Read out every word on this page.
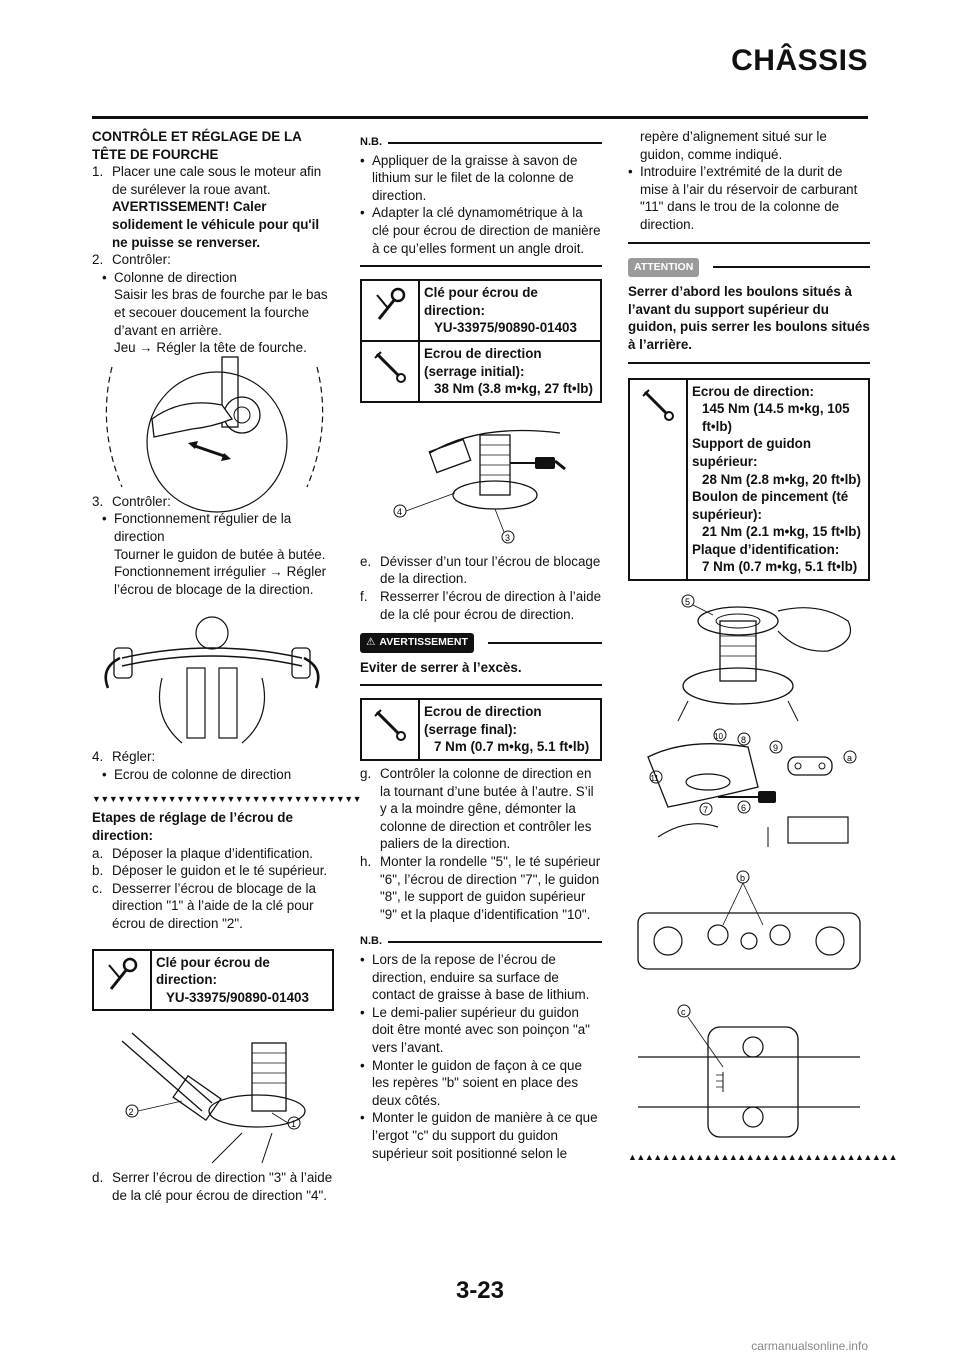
CHÂSSIS
CONTRÔLE ET RÉGLAGE DE LA TÊTE DE FOURCHE
1. Placer une cale sous le moteur afin de surélever la roue avant.
AVERTISSEMENT! Caler solidement le véhicule pour qu'il ne puisse se renverser.
2. Contrôler:
• Colonne de direction
Saisir les bras de fourche par le bas et secouer doucement la fourche d’avant en arrière.
Jeu → Régler la tête de fourche.
3. Contrôler:
• Fonctionnement régulier de la direction
Tourner le guidon de butée à butée.
Fonctionnement irrégulier → Régler l’écrou de blocage de la direction.
4. Régler:
• Ecrou de colonne de direction
▼▼▼▼▼▼▼▼▼▼▼▼▼▼▼▼▼▼▼▼▼▼▼▼▼▼▼▼▼▼▼▼
Etapes de réglage de l’écrou de direction:
a. Déposer la plaque d’identification.
b. Déposer le guidon et le té supérieur.
c. Desserrer l’écrou de blocage de la direction "1" à l’aide de la clé pour écrou de direction "2".
Clé pour écrou de direction:
YU-33975/90890-01403
2
1
d. Serrer l’écrou de direction "3" à l’aide de la clé pour écrou de direction "4".
N.B.
• Appliquer de la graisse à savon de lithium sur le filet de la colonne de direction.
• Adapter la clé dynamométrique à la clé pour écrou de direction de manière à ce qu’elles forment un angle droit.
Clé pour écrou de direction:
YU-33975/90890-01403
Ecrou de direction (serrage initial):
38 Nm (3.8 m•kg, 27 ft•lb)
4
3
e. Dévisser d’un tour l’écrou de blocage de la direction.
f. Resserrer l’écrou de direction à l’aide de la clé pour écrou de direction.
⚠ AVERTISSEMENT
Eviter de serrer à l’excès.
Ecrou de direction (serrage final):
7 Nm (0.7 m•kg, 5.1 ft•lb)
g. Contrôler la colonne de direction en la tournant d’une butée à l’autre. S’il y a la moindre gêne, démonter la colonne de direction et contrôler les paliers de la direction.
h. Monter la rondelle "5", le té supérieur "6", l’écrou de direction "7", le guidon "8", le support de guidon supérieur "9" et la plaque d’identification "10".
N.B.
• Lors de la repose de l’écrou de direction, enduire sa surface de contact de graisse à base de lithium.
• Le demi-palier supérieur du guidon doit être monté avec son poinçon "a" vers l’avant.
• Monter le guidon de façon à ce que les repères "b" soient en place des deux côtés.
• Monter le guidon de manière à ce que l’ergot "c" du support du guidon supérieur soit positionné selon le
repère d’alignement situé sur le guidon, comme indiqué.
• Introduire l’extrémité de la durit de mise à l’air du réservoir de carburant "11" dans le trou de la colonne de direction.
ATTENTION
Serrer d’abord les boulons situés à l’avant du support supérieur du guidon, puis serrer les boulons situés à l’arrière.
Ecrou de direction:
145 Nm (14.5 m•kg, 105 ft•lb)
Support de guidon supérieur:
28 Nm (2.8 m•kg, 20 ft•lb)
Boulon de pincement (té supérieur):
21 Nm (2.1 m•kg, 15 ft•lb)
Plaque d’identification:
7 Nm (0.7 m•kg, 5.1 ft•lb)
5
10 8
9
a
11
7	6
b
c
▲▲▲▲▲▲▲▲▲▲▲▲▲▲▲▲▲▲▲▲▲▲▲▲▲▲▲▲▲▲▲▲
3-23
carmanualsonline.info
